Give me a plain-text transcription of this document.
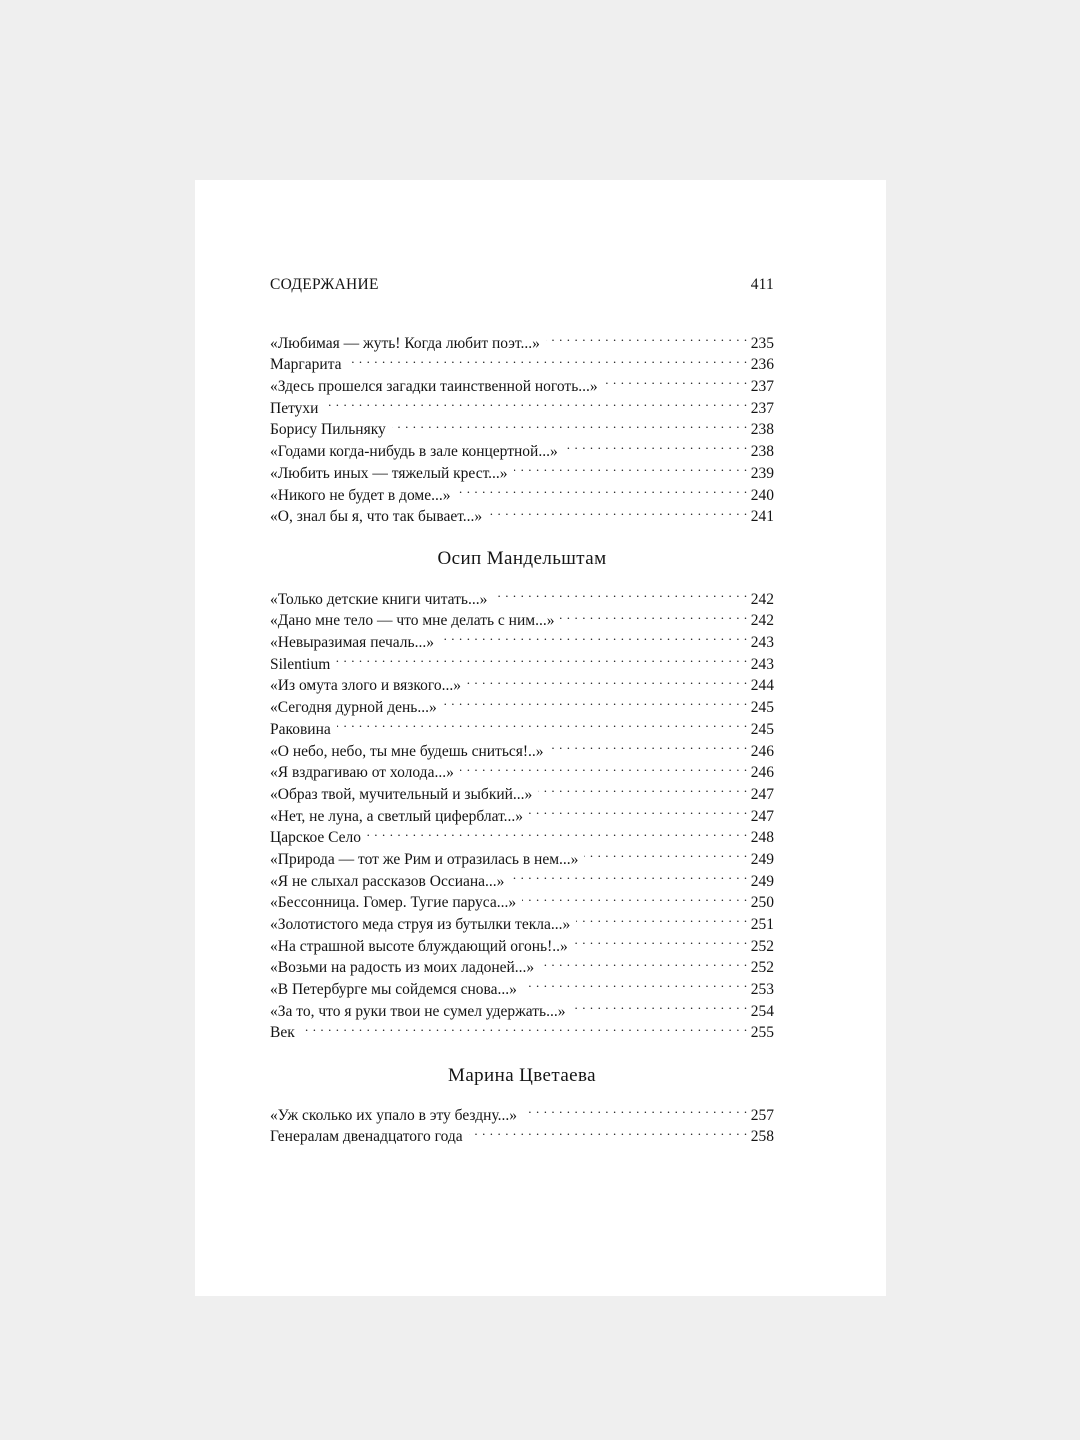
СОДЕРЖАНИЕ	411
«Любимая — жуть! Когда любит поэт...» . . .	235
Маргарита . . .	236
«Здесь прошелся загадки таинственной ноготь...» . . .	237
Петухи . . .	237
Борису Пильняку . . .	238
«Годами когда-нибудь в зале концертной...» . . .	238
«Любить иных — тяжелый крест...» . . .	239
«Никого не будет в доме...» . . .	240
«О, знал бы я, что так бывает...» . . .	241
Осип Мандельштам
«Только детские книги читать...» . . .	242
«Дано мне тело — что мне делать с ним...» . . .	242
«Невыразимая печаль...» . . .	243
Silentium . . .	243
«Из омута злого и вязкого...» . . .	244
«Сегодня дурной день...» . . .	245
Раковина . . .	245
«О небо, небо, ты мне будешь сниться!..» . . .	246
«Я вздрагиваю от холода...» . . .	246
«Образ твой, мучительный и зыбкий...» . . .	247
«Нет, не луна, а светлый циферблат...» . . .	247
Царское Село . . .	248
«Природа — тот же Рим и отразилась в нем...» . . .	249
«Я не слыхал рассказов Оссиана...» . . .	249
«Бессонница. Гомер. Тугие паруса...» . . .	250
«Золотистого меда струя из бутылки текла...» . . .	251
«На страшной высоте блуждающий огонь!..» . . .	252
«Возьми на радость из моих ладоней...» . . .	252
«В Петербурге мы сойдемся снова...» . . .	253
«За то, что я руки твои не сумел удержать...» . . .	254
Век . . .	255
Марина Цветаева
«Уж сколько их упало в эту бездну...» . . .	257
Генералам двенадцатого года . . .	258
